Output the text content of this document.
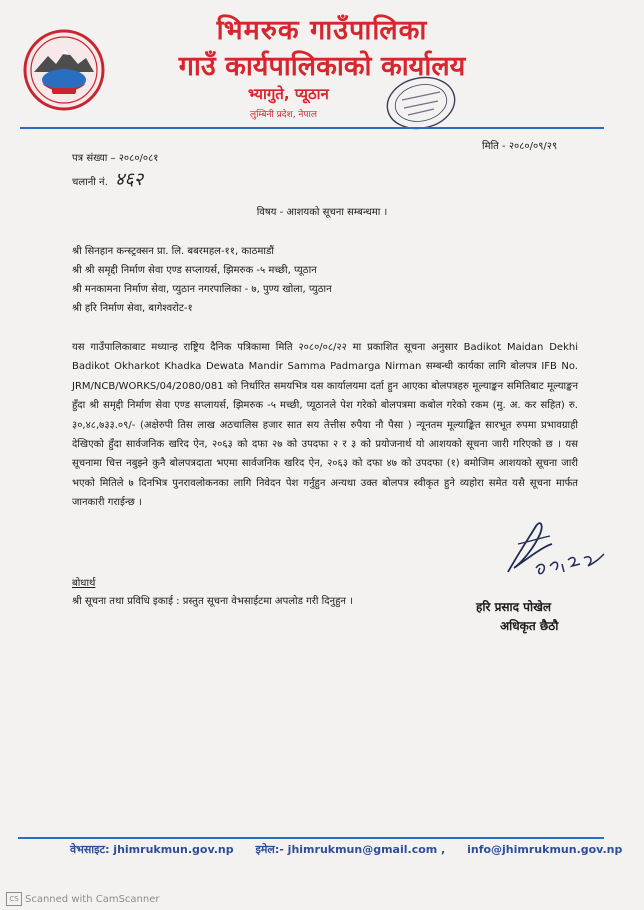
भिमरुक गाउँपालिका
गाउँ कार्यपालिकाको कार्यालय
भ्यागुते, प्यूठान
लुम्बिनी प्रदेश, नेपाल
पत्र संख्या – २०८०/०८१
चलानी नं. ४६२
मिति - २०८०/०९/२९
विषय - आशयको सूचना सम्बन्धमा ।
श्री सिनहान कन्स्ट्रक्सन प्रा. लि. बबरमहल-११, काठमाडौं
श्री श्री समृद्दी निर्माण सेवा एण्ड सप्लायर्स, झिमरुक -५ मच्छी, प्यूठान
श्री मनकामना निर्माण सेवा, प्युठान नगरपालिका - ७, पुण्य खोला, प्युठान
श्री हरि निर्माण सेवा, बागेश्वरोट-१

यस गाउँपालिकाबाट मध्यान्ह राष्ट्रिय दैनिक पत्रिकामा मिति २०८०/०८/२२ मा प्रकाशित सूचना अनुसार Badikot Maidan Dekhi Badikot Okharkot Khadka Dewata Mandir Samma Padmarga Nirman सम्बन्धी कार्यका लागि बोलपत्र IFB No. JRM/NCB/WORKS/04/2080/081 को निर्धारित समयभित्र यस कार्यालयमा दर्ता हुन आएका बोलपत्रहरु मूल्याङ्कन समितिबाट मूल्याङ्कन हुँदा श्री समृद्दी निर्माण सेवा एण्ड सप्लायर्स, झिमरुक -५ मच्छी, प्यूठानले पेश गरेको बोलपत्रमा कबोल गरेको रकम (मु. अ. कर सहित) रु. ३०,४८,७३३.०९/- (अक्षेरुपी तिस लाख अठचालिस हजार सात सय तेत्तीस रुपैया नौ पैसा ) न्यूनतम मूल्याङ्कित सारभूत रुपमा प्रभावग्राही देखिएको हुँदा सार्वजनिक खरिद ऐन, २०६३ को दफा २७ को उपदफा २ र ३ को प्रयोजनार्थ यो आशयको सूचना जारी गरिएको छ । यस सूचनामा चित्त नबुझ्ने कुनै बोलपत्रदाता भएमा सार्वजनिक खरिद ऐन, २०६३ को दफा ४७ को उपदफा (१) बमोजिम आशयको सूचना जारी भएको मितिले ७ दिनभित्र पुनरावलोकनका लागि निवेदन पेश गर्नुहुन अन्यथा उक्त बोलपत्र स्वीकृत हुने व्यहोरा समेत यसै सूचना मार्फत जानकारी गराईन्छ ।

हरि प्रसाद पोखेल
अधिकृत छैठौ
बोधार्थ
श्री सूचना तथा प्रविधि इकाई : प्रस्तुत सूचना वेभसाईटमा अपलोड गरी दिनुहुन ।
वेभसाइट: jhimrukmun.gov.np इमेल:- jhimrukmun@gmail.com , info@jhimrukmun.gov.np
CS Scanned with CamScanner
